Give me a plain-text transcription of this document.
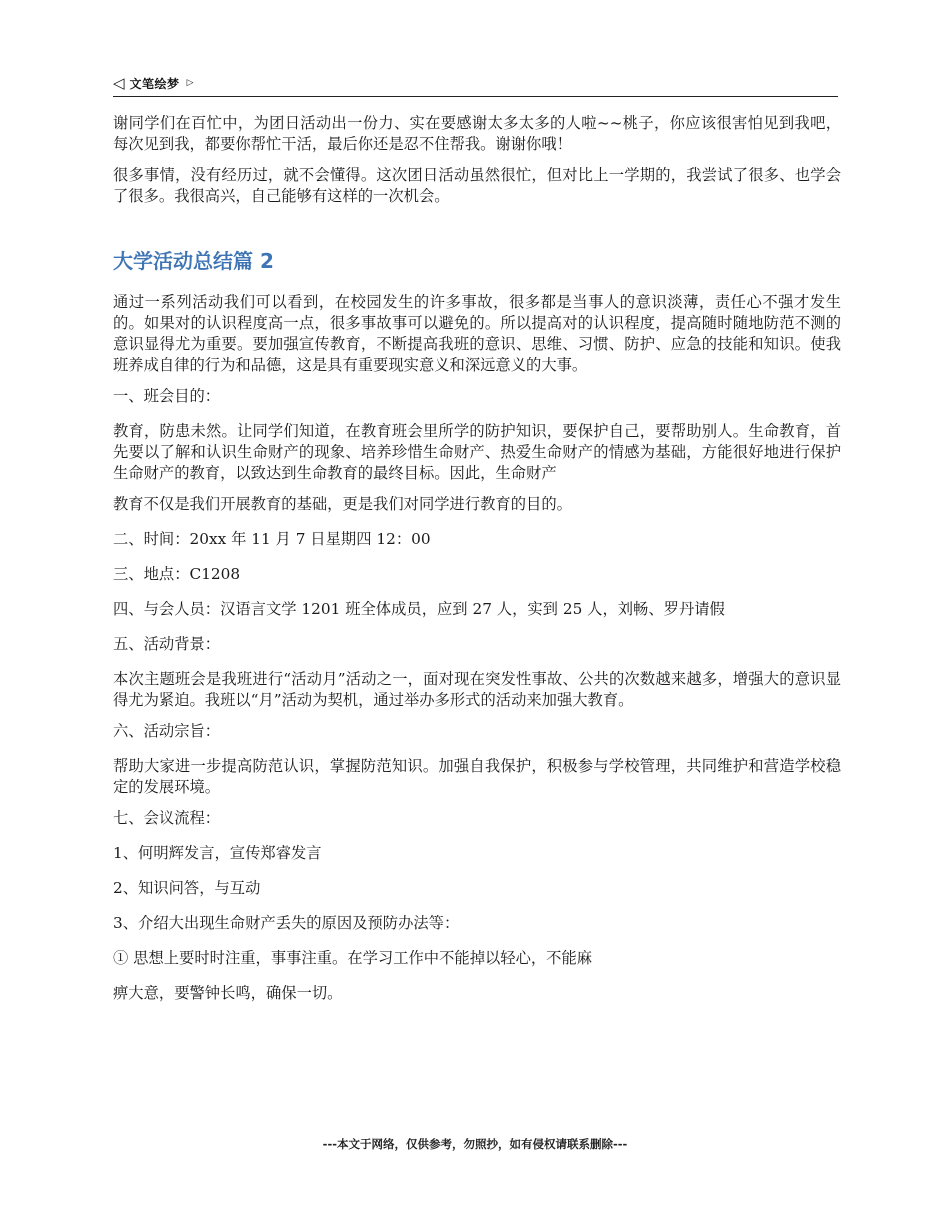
◁ 文笔绘梦 ▷

谢同学们在百忙中，为团日活动出一份力、实在要感谢太多太多的人啦~~桃子，你应该很害怕见到我吧，每次见到我，都要你帮忙干活，最后你还是忍不住帮我。谢谢你哦！

很多事情，没有经历过，就不会懂得。这次团日活动虽然很忙，但对比上一学期的，我尝试了很多、也学会了很多。我很高兴，自己能够有这样的一次机会。

大学活动总结篇 2

通过一系列活动我们可以看到，在校园发生的许多事故，很多都是当事人的意识淡薄，责任心不强才发生的。如果对的认识程度高一点，很多事故事可以避免的。所以提高对的认识程度，提高随时随地防范不测的意识显得尤为重要。要加强宣传教育，不断提高我班的意识、思维、习惯、防护、应急的技能和知识。使我班养成自律的行为和品德，这是具有重要现实意义和深远意义的大事。

一、班会目的：

教育，防患未然。让同学们知道，在教育班会里所学的防护知识，要保护自己，要帮助别人。生命教育，首先要以了解和认识生命财产的现象、培养珍惜生命财产、热爱生命财产的情感为基础，方能很好地进行保护生命财产的教育，以致达到生命教育的最终目标。因此，生命财产

教育不仅是我们开展教育的基础，更是我们对同学进行教育的目的。

二、时间：20xx 年 11 月 7 日星期四 12：00

三、地点：C1208

四、与会人员：汉语言文学 1201 班全体成员，应到 27 人，实到 25 人，刘畅、罗丹请假

五、活动背景：

本次主题班会是我班进行“活动月”活动之一，面对现在突发性事故、公共的次数越来越多，增强大的意识显得尤为紧迫。我班以“月”活动为契机，通过举办多形式的活动来加强大教育。

六、活动宗旨：

帮助大家进一步提高防范认识，掌握防范知识。加强自我保护，积极参与学校管理，共同维护和营造学校稳定的发展环境。

七、会议流程：

1、何明辉发言，宣传郑睿发言

2、知识问答，与互动

3、介绍大出现生命财产丢失的原因及预防办法等：

① 思想上要时时注重，事事注重。在学习工作中不能掉以轻心，不能麻

痹大意，要警钟长鸣，确保一切。

---本文于网络，仅供参考，勿照抄，如有侵权请联系删除---
